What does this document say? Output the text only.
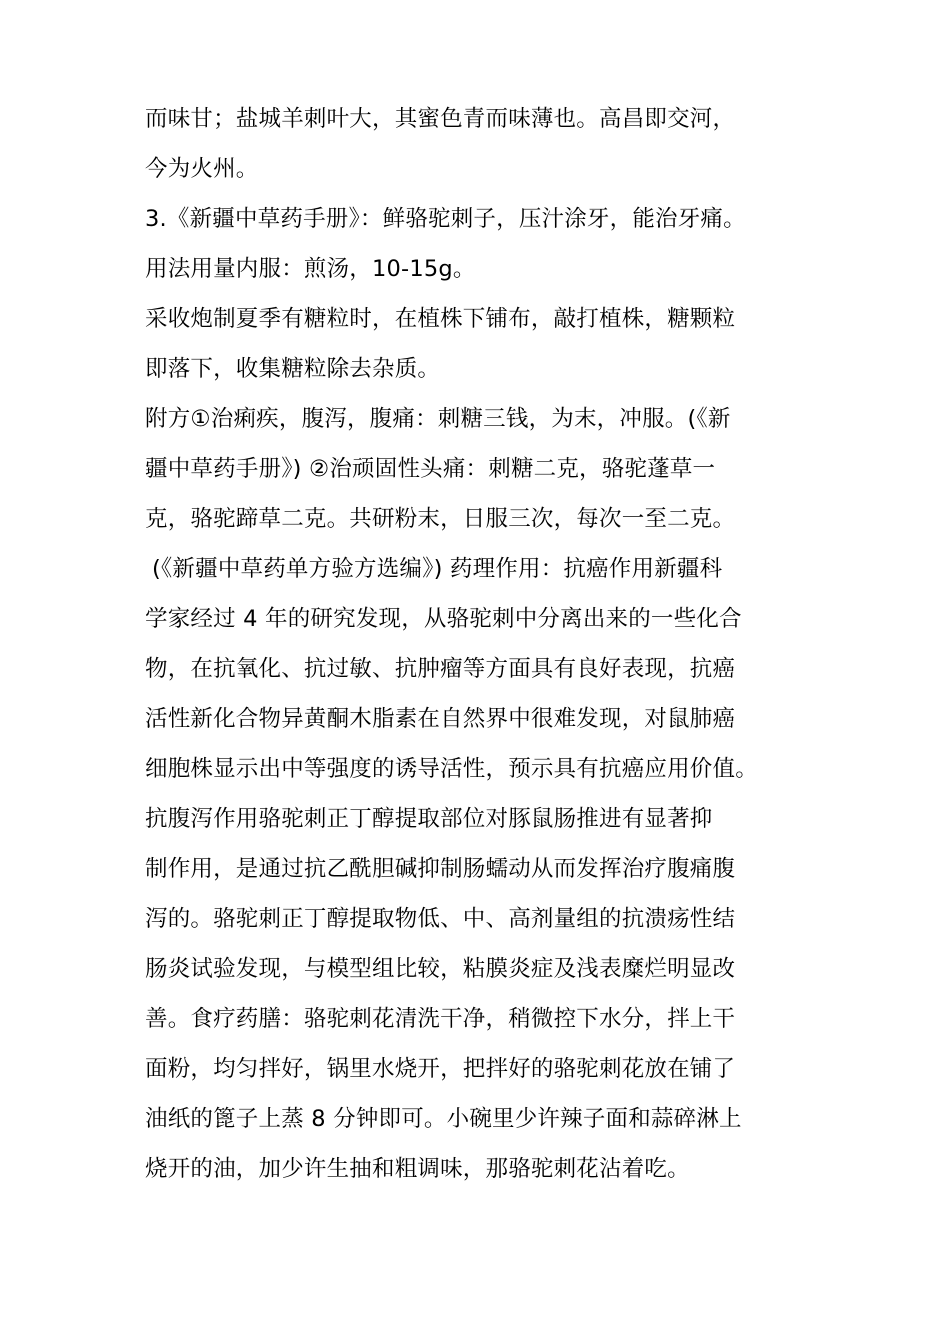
而味甘；盐城羊刺叶大，其蜜色青而味薄也。高昌即交河，
今为火州。
3.《新疆中草药手册》：鲜骆驼刺子，压汁涂牙，能治牙痛。
用法用量内服：煎汤，10-15g。
采收炮制夏季有糖粒时，在植株下铺布，敲打植株，糖颗粒
即落下，收集糖粒除去杂质。
附方①治痢疾，腹泻，腹痛：刺糖三钱，为末，冲服。(《新
疆中草药手册》) ②治顽固性头痛：刺糖二克，骆驼蓬草一
克，骆驼蹄草二克。共研粉末，日服三次，每次一至二克。
(《新疆中草药单方验方选编》) 药理作用：抗癌作用新疆科
学家经过 4 年的研究发现，从骆驼刺中分离出来的一些化合
物，在抗氧化、抗过敏、抗肿瘤等方面具有良好表现，抗癌
活性新化合物异黄酮木脂素在自然界中很难发现，对鼠肺癌
细胞株显示出中等强度的诱导活性，预示具有抗癌应用价值。
抗腹泻作用骆驼刺正丁醇提取部位对豚鼠肠推进有显著抑
制作用，是通过抗乙酰胆碱抑制肠蠕动从而发挥治疗腹痛腹
泻的。骆驼刺正丁醇提取物低、中、高剂量组的抗溃疡性结
肠炎试验发现，与模型组比较，粘膜炎症及浅表糜烂明显改
善。食疗药膳：骆驼刺花清洗干净，稍微控下水分，拌上干
面粉，均匀拌好，锅里水烧开，把拌好的骆驼刺花放在铺了
油纸的篦子上蒸 8 分钟即可。小碗里少许辣子面和蒜碎淋上
烧开的油，加少许生抽和粗调味，那骆驼刺花沾着吃。
